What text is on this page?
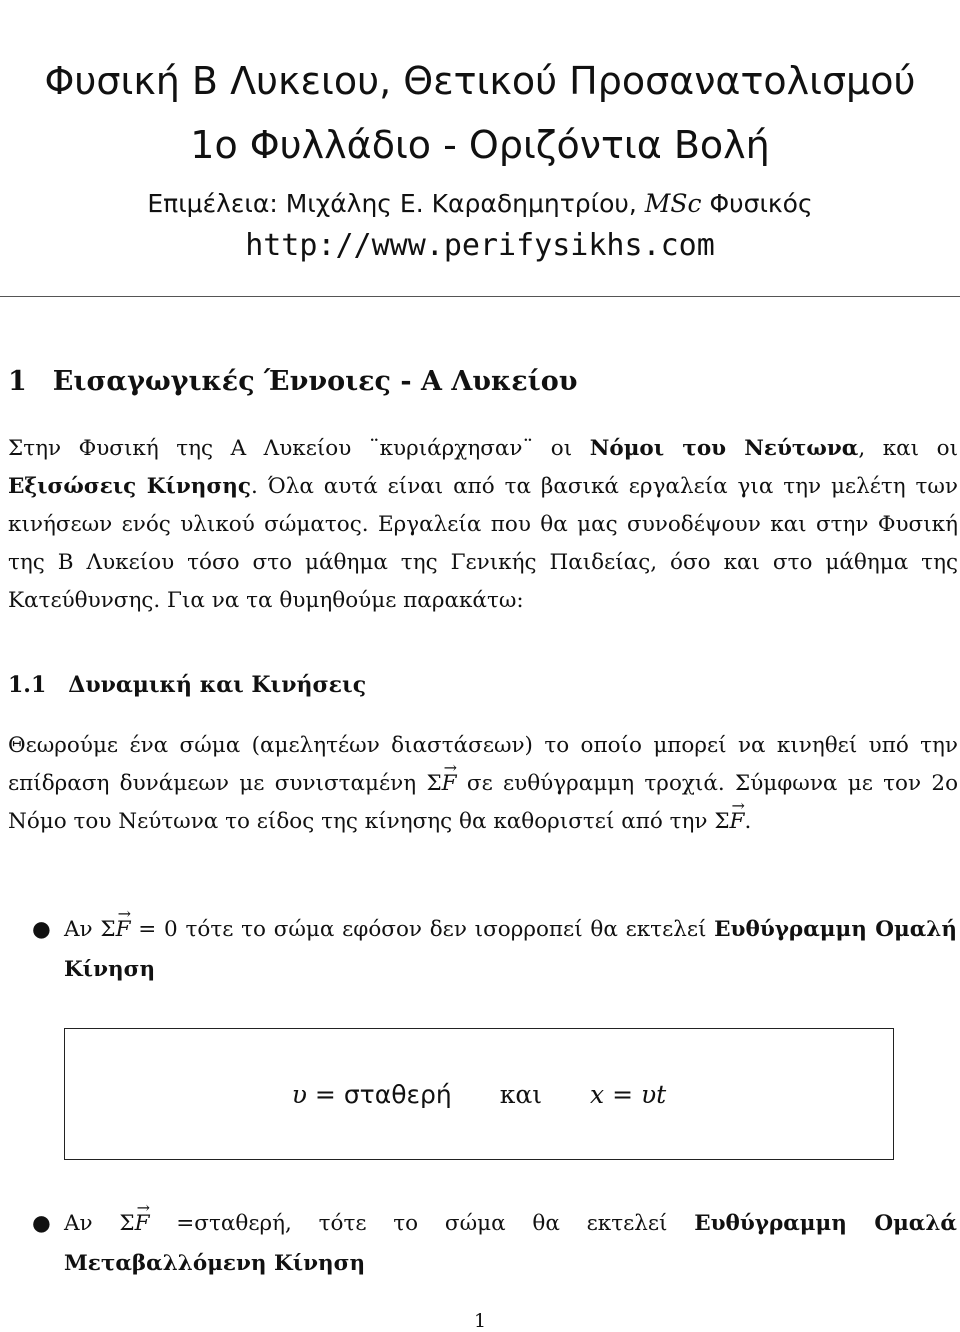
Φυσική Β Λυκειου, Θετικού Προσανατολισμού
1ο Φυλλάδιο - Οριζόντια Βολή
Επιμέλεια: Μιχάλης Ε. Καραδημητρίου, MSc Φυσικός
http://www.perifysikhs.com
1 Εισαγωγικές Έννοιες - Α Λυκείου
Στην Φυσική της Α Λυκείου ¨κυριάρχησαν¨ οι Νόμοι του Νεύτωνα, και οι Εξισώσεις Κίνησης. Όλα αυτά είναι από τα βασικά εργαλεία για την μελέτη των κινήσεων ενός υλικού σώματος. Εργαλεία που θα μας συνοδέψουν και στην Φυσική της Β Λυκείου τόσο στο μάθημα της Γενικής Παιδείας, όσο και στο μάθημα της Κατεύθυνσης. Για να τα θυμηθούμε παρακάτω:
1.1 Δυναμική και Κινήσεις
Θεωρούμε ένα σώμα (αμελητέων διαστάσεων) το οποίο μπορεί να κινηθεί υπό την επίδραση δυνάμεων με συνισταμένη Σ→ F σε ευθύγραμμη τροχιά. Σύμφωνα με τον 2ο Νόμο του Νεύτωνα το είδος της κίνησης θα καθοριστεί από την Σ→ F.
● Αν Σ→ F = 0 τότε το σώμα εφόσον δεν ισορροπεί θα εκτελεί Ευθύγραμμη Ομαλή Κίνηση
υ
= σταθερή και x = υt
● Αν Σ→ F =σταθερή, τότε το σώμα θα εκτελεί Ευθύγραμμη Ομαλά Μεταβαλλόμενη Κίνηση
1
